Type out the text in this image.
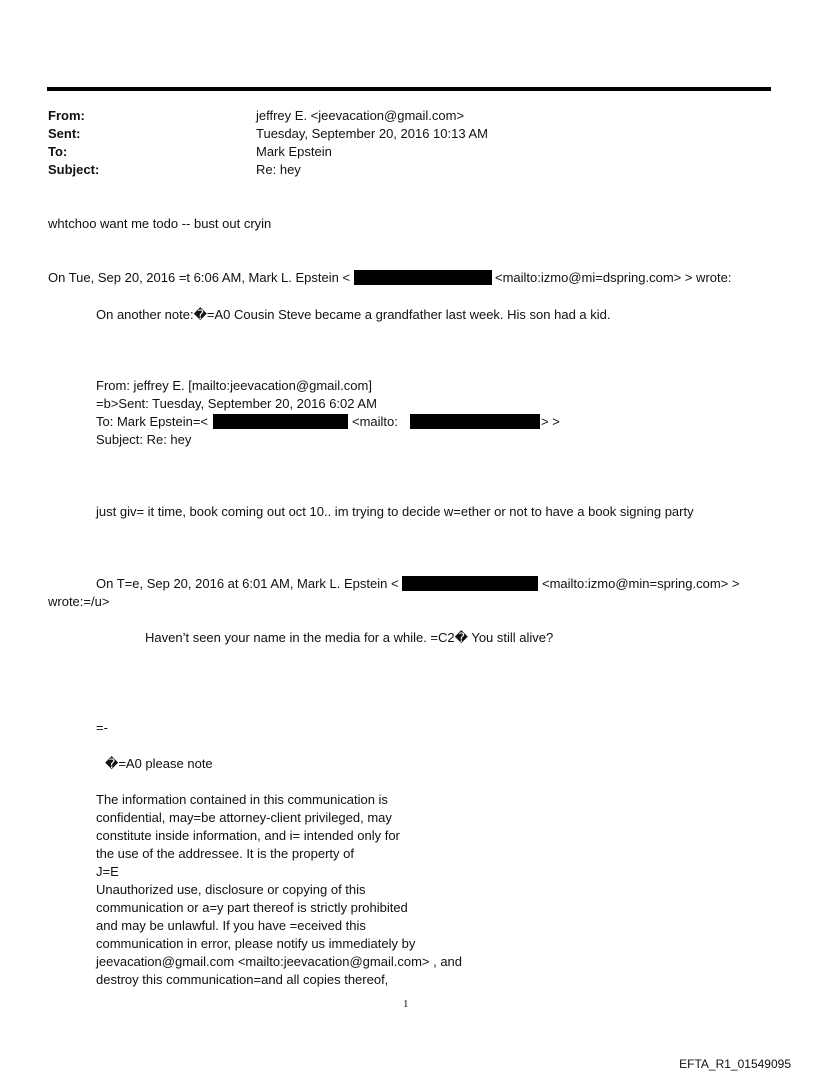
From:	jeffrey E. <jeevacation@gmail.com>
Sent:	Tuesday, September 20, 2016 10:13 AM
To:	Mark Epstein
Subject:	Re: hey
whtchoo want me todo -- bust out cryin
On Tue, Sep 20, 2016 =t 6:06 AM, Mark L. Epstein <	<mailto:izmo@mi=dspring.com> > wrote:
On another note:�=A0 Cousin Steve became a grandfather last week. His son had a kid.
From: jeffrey E. [mailto:jeevacation@gmail.com]
=b>Sent: Tuesday, September 20, 2016 6:02 AM
To: Mark Epstein=<	<mailto:	> >
Subject: Re: hey
just giv= it time, book coming out oct 10.. im trying to decide w=ether or not to have a book signing party
On T=e, Sep 20, 2016 at 6:01 AM, Mark L. Epstein <	<mailto:izmo@min=spring.com> >
wrote:=/u>
Haven’t seen your name in the media for a while. =C2� You still alive?
=-
�=A0 please note
The information contained in this communication is
confidential, may=be attorney-client privileged, may
constitute inside information, and i= intended only for
the use of the addressee. It is the property of
J=E
Unauthorized use, disclosure or copying of this
communication or a=y part thereof is strictly prohibited
and may be unlawful. If you have =eceived this
communication in error, please notify us immediately by
jeevacation@gmail.com <mailto:jeevacation@gmail.com> , and
destroy this communication=and all copies thereof,
1
EFTA_R1_01549095
